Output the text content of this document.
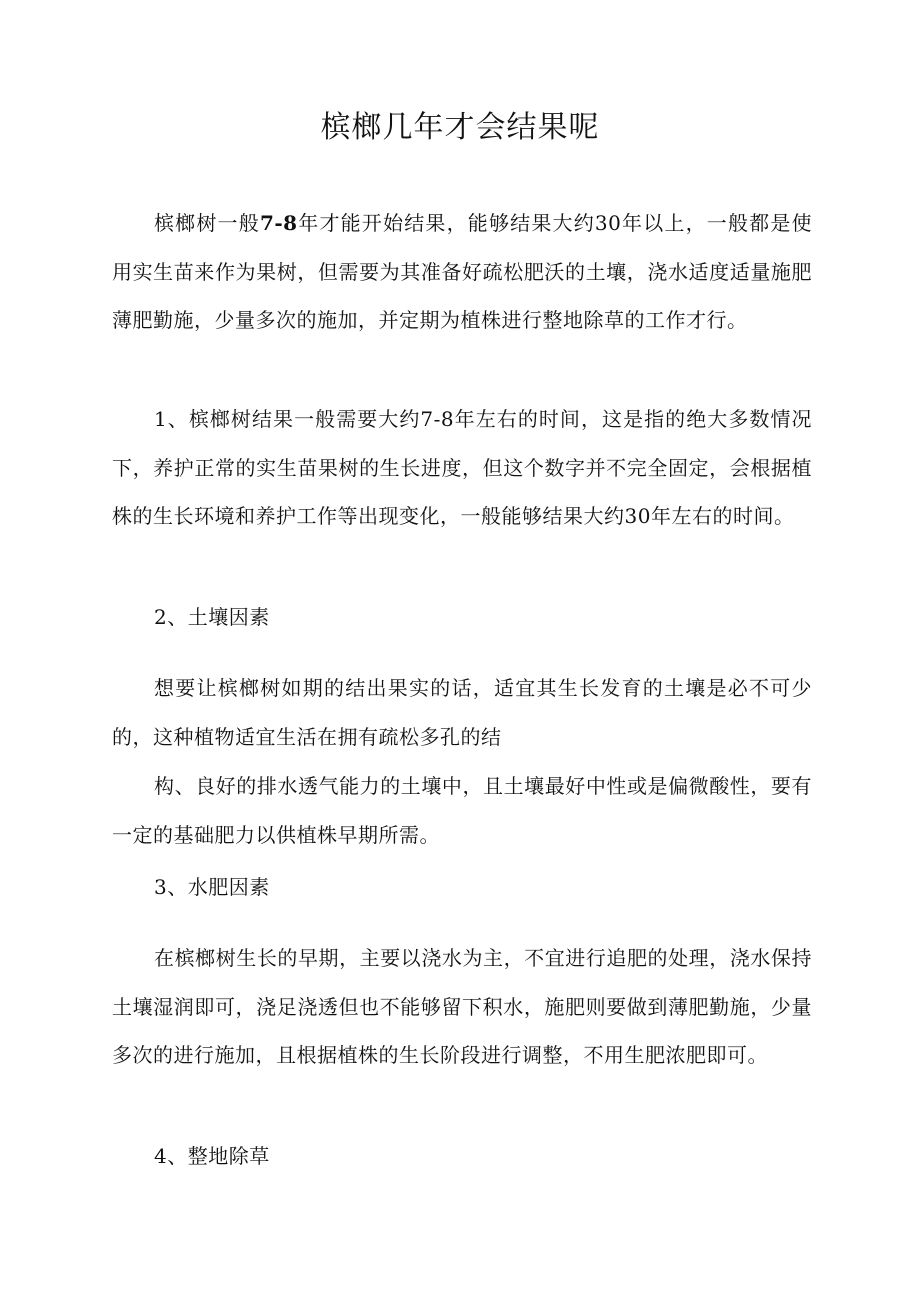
槟榔几年才会结果呢

槟榔树一般7-8年才能开始结果，能够结果大约30年以上，一般都是使用实生苗来作为果树，但需要为其准备好疏松肥沃的土壤，浇水适度适量施肥薄肥勤施，少量多次的施加，并定期为植株进行整地除草的工作才行。

1、槟榔树结果一般需要大约7-8年左右的时间，这是指的绝大多数情况下，养护正常的实生苗果树的生长进度，但这个数字并不完全固定，会根据植株的生长环境和养护工作等出现变化，一般能够结果大约30年左右的时间。

2、土壤因素

想要让槟榔树如期的结出果实的话，适宜其生长发育的土壤是必不可少的，这种植物适宜生活在拥有疏松多孔的结

构、良好的排水透气能力的土壤中，且土壤最好中性或是偏微酸性，要有一定的基础肥力以供植株早期所需。

3、水肥因素

在槟榔树生长的早期，主要以浇水为主，不宜进行追肥的处理，浇水保持土壤湿润即可，浇足浇透但也不能够留下积水，施肥则要做到薄肥勤施，少量多次的进行施加，且根据植株的生长阶段进行调整，不用生肥浓肥即可。

4、整地除草
